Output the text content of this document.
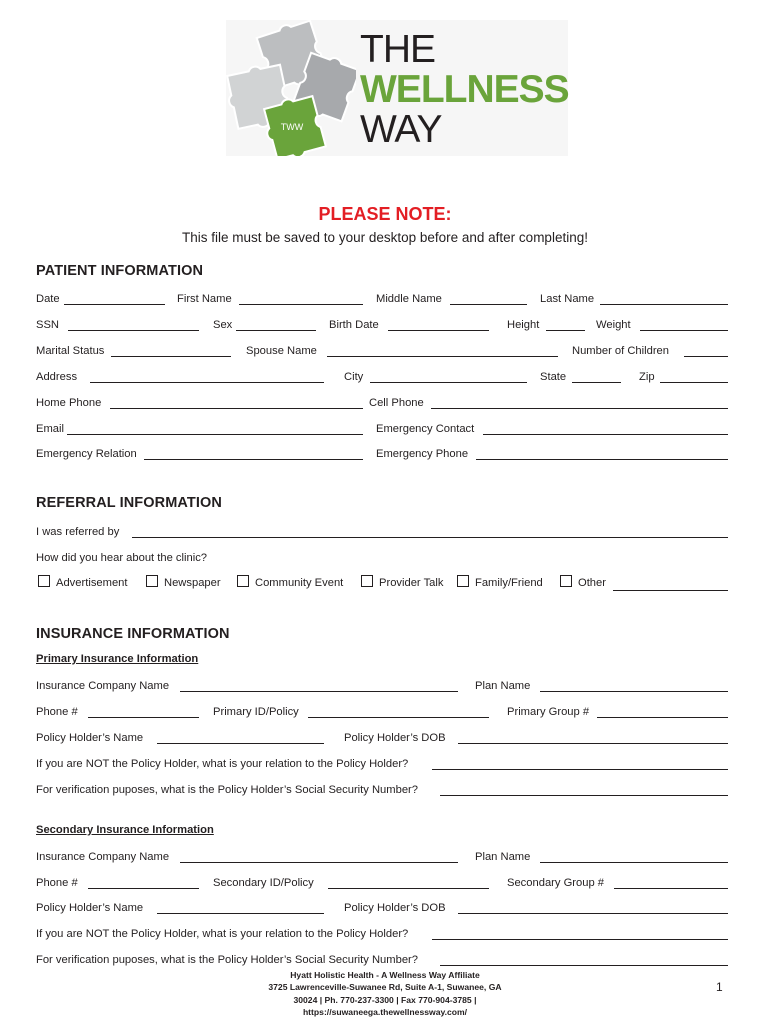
TWW
THE
WELLNESS
WAY
PLEASE NOTE:
This file must be saved to your desktop before and after completing!
PATIENT INFORMATION
Date	First Name	Middle Name	Last Name
SSN	Sex	Birth Date	Height	Weight
Marital Status	Spouse Name	Number of Children
Address	City	State	Zip
Home Phone	Cell Phone
Email	Emergency Contact
Emergency Relation	Emergency Phone
REFERRAL INFORMATION
I was referred by
How did you hear about the clinic?
Advertisement	Newspaper	Community Event	Provider Talk	Family/Friend	Other
INSURANCE INFORMATION
Primary Insurance Information
Insurance Company Name	Plan Name
Phone #	Primary ID/Policy	Primary Group #
Policy Holder’s Name	Policy Holder’s DOB
If you are NOT the Policy Holder, what is your relation to the Policy Holder?
For verification puposes, what is the Policy Holder’s Social Security Number?
Secondary Insurance Information
Insurance Company Name	Plan Name
Phone #	Secondary ID/Policy	Secondary Group #
Policy Holder’s Name	Policy Holder’s DOB
If you are NOT the Policy Holder, what is your relation to the Policy Holder?
For verification puposes, what is the Policy Holder’s Social Security Number?
Hyatt Holistic Health - A Wellness Way Affiliate
3725 Lawrenceville-Suwanee Rd, Suite A-1, Suwanee, GA
30024 | Ph. 770-237-3300 | Fax 770-904-3785 |
https://suwaneega.thewellnessway.com/
1
